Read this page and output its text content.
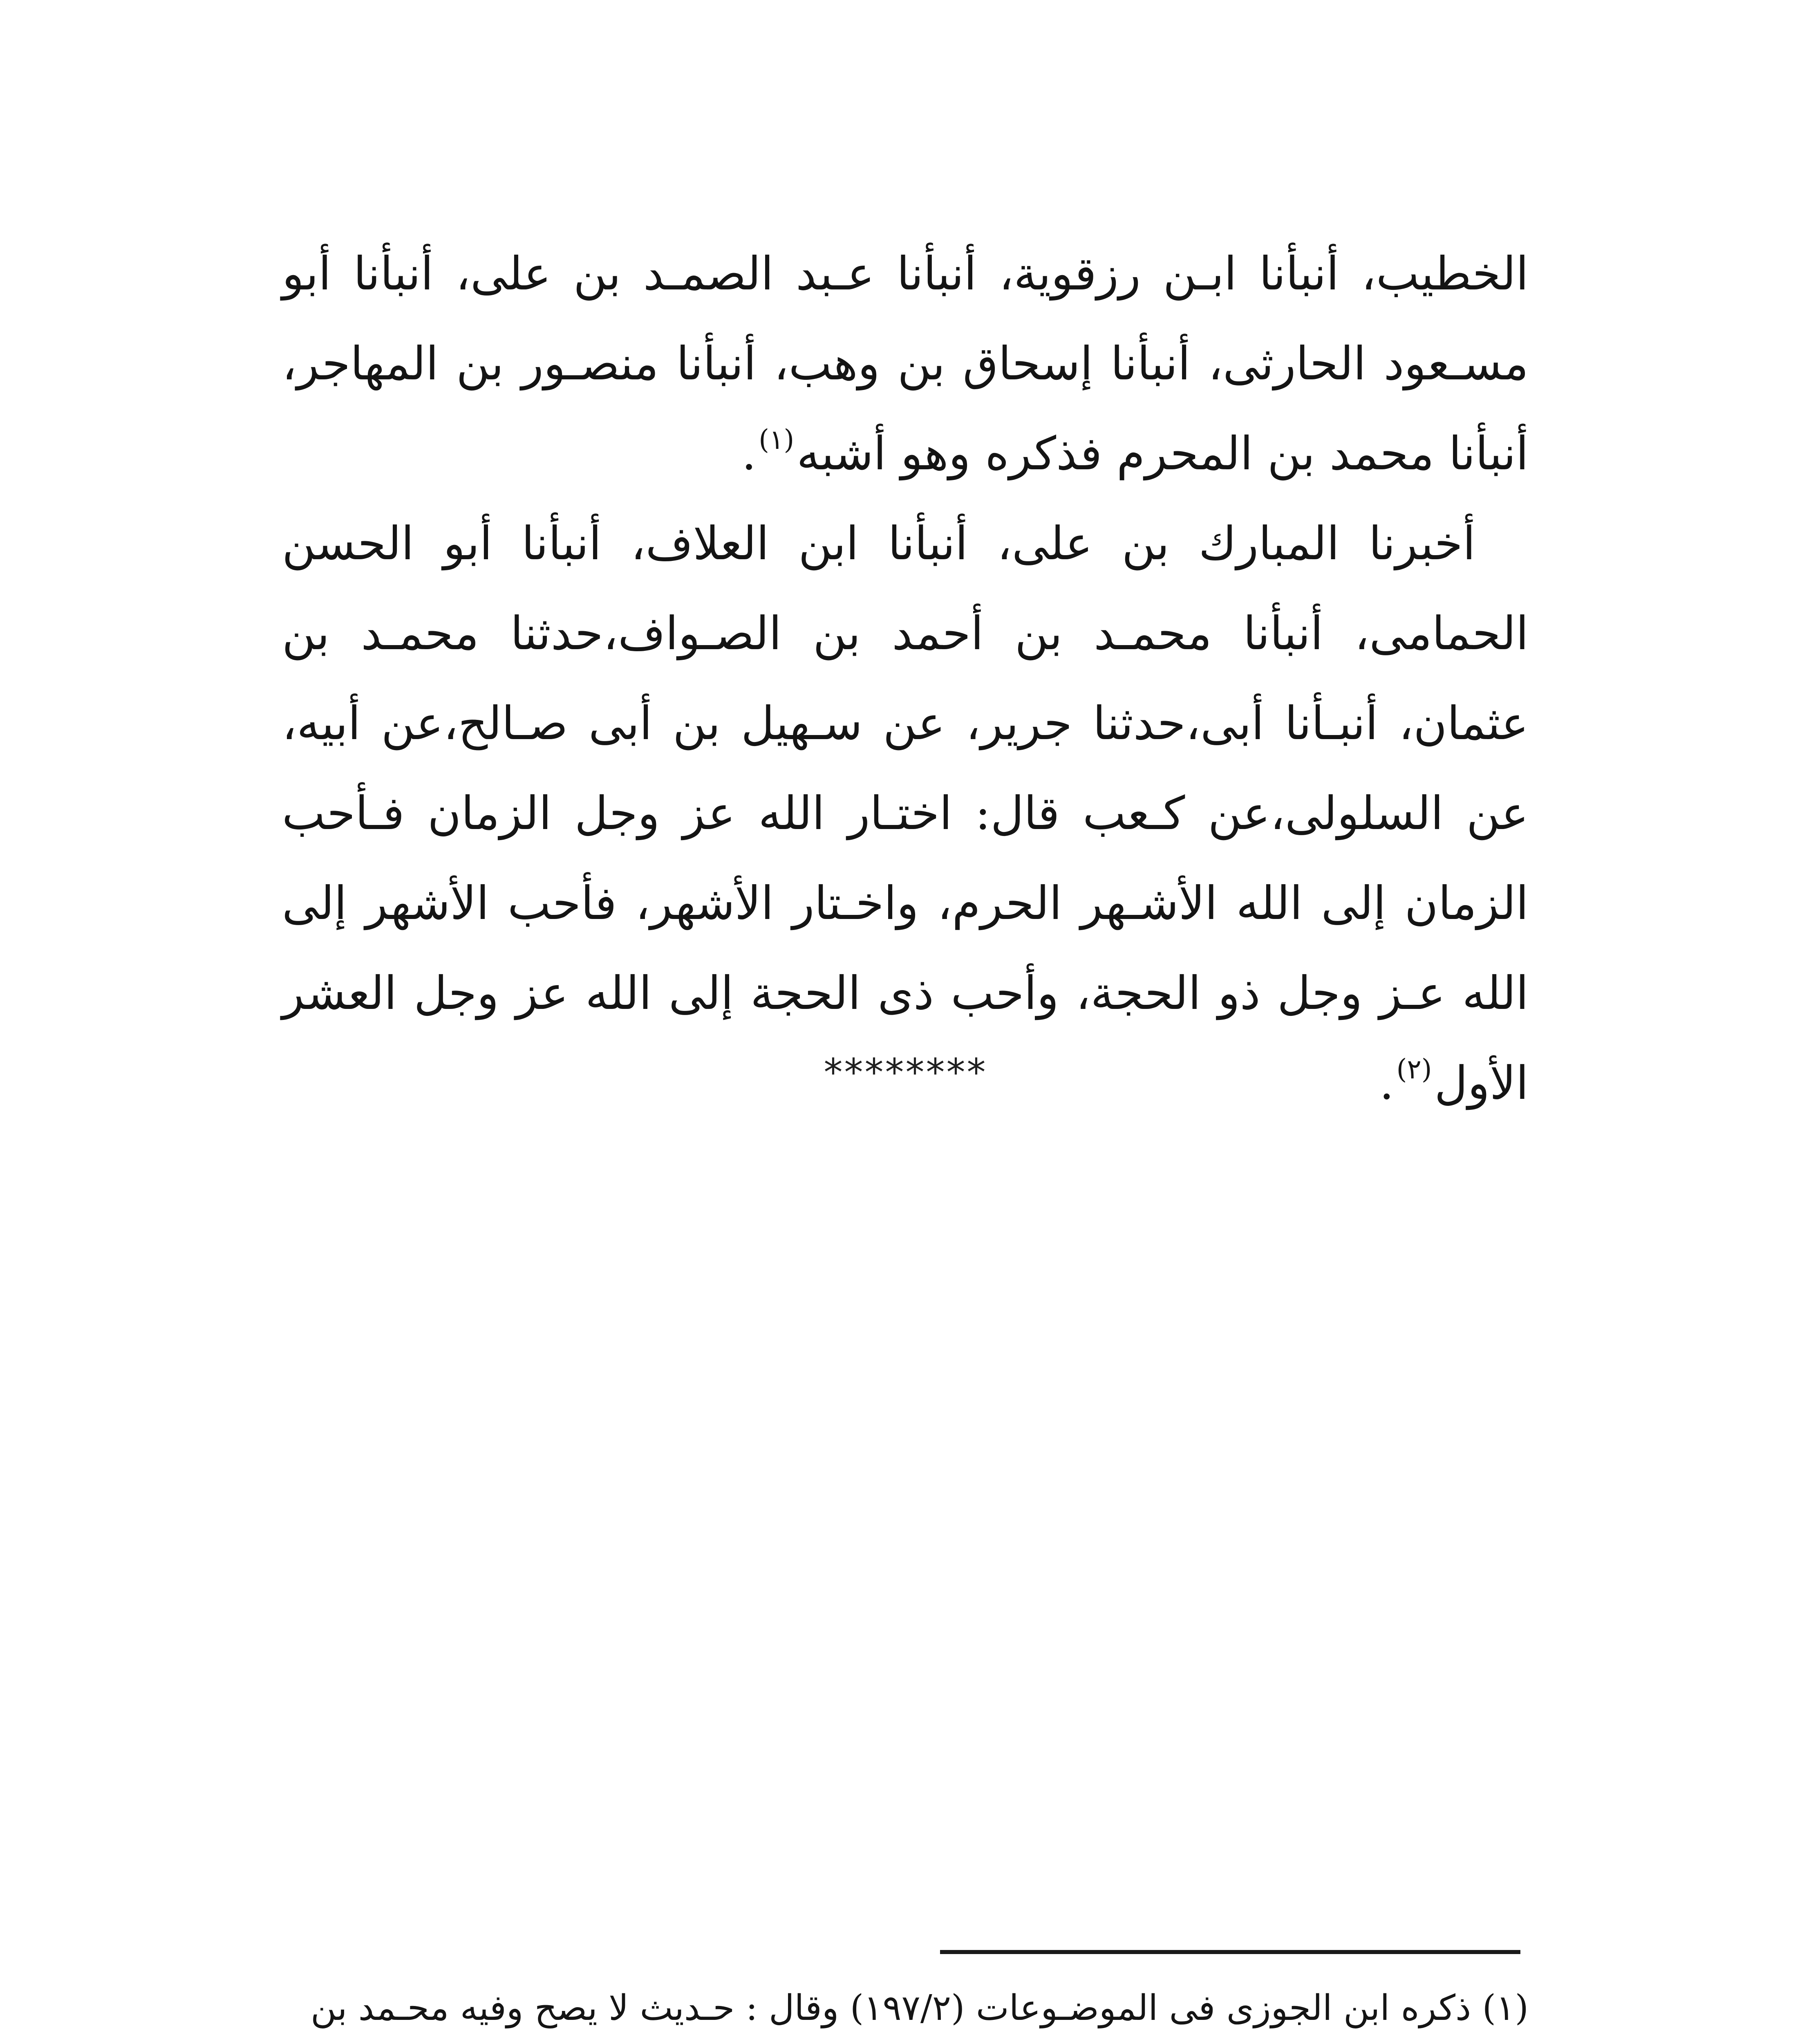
الخطيب، أنبأنا ابـن رزقوية، أنبأنا عـبد الصمـد بن على، أنبأنا أبو مسـعود الحارثى، أنبأنا إسحاق بن وهب، أنبأنا منصـور بن المهاجر، أنبأنا محمد بن المحرم فذكره وهو أشبه$^{(١)}$.

أخبرنا المبارك بن على، أنبأنا ابن العلاف، أنبأنا أبو الحسن الحمامى، أنبأنا محمـد بن أحمد بن الصـواف،حدثنا محمـد بن عثمان، أنبـأنا أبى،حدثنا جرير، عن سـهيل بن أبى صـالح،عن أبيه، عن السلولى،عن كـعب قال: اختـار الله عز وجل الزمان فـأحب الزمان إلى الله الأشـهر الحرم، واخـتار الأشهر، فأحب الأشهر إلى الله عـز وجل ذو الحجة، وأحب ذى الحجة إلى الله عز وجل العشر الأول$^{(٢)}$.

********

(١) ذكره ابن الجوزى فى الموضـوعات (١٩٧/٢) وقال : حـديث لا يصح وفيه محـمد بن
